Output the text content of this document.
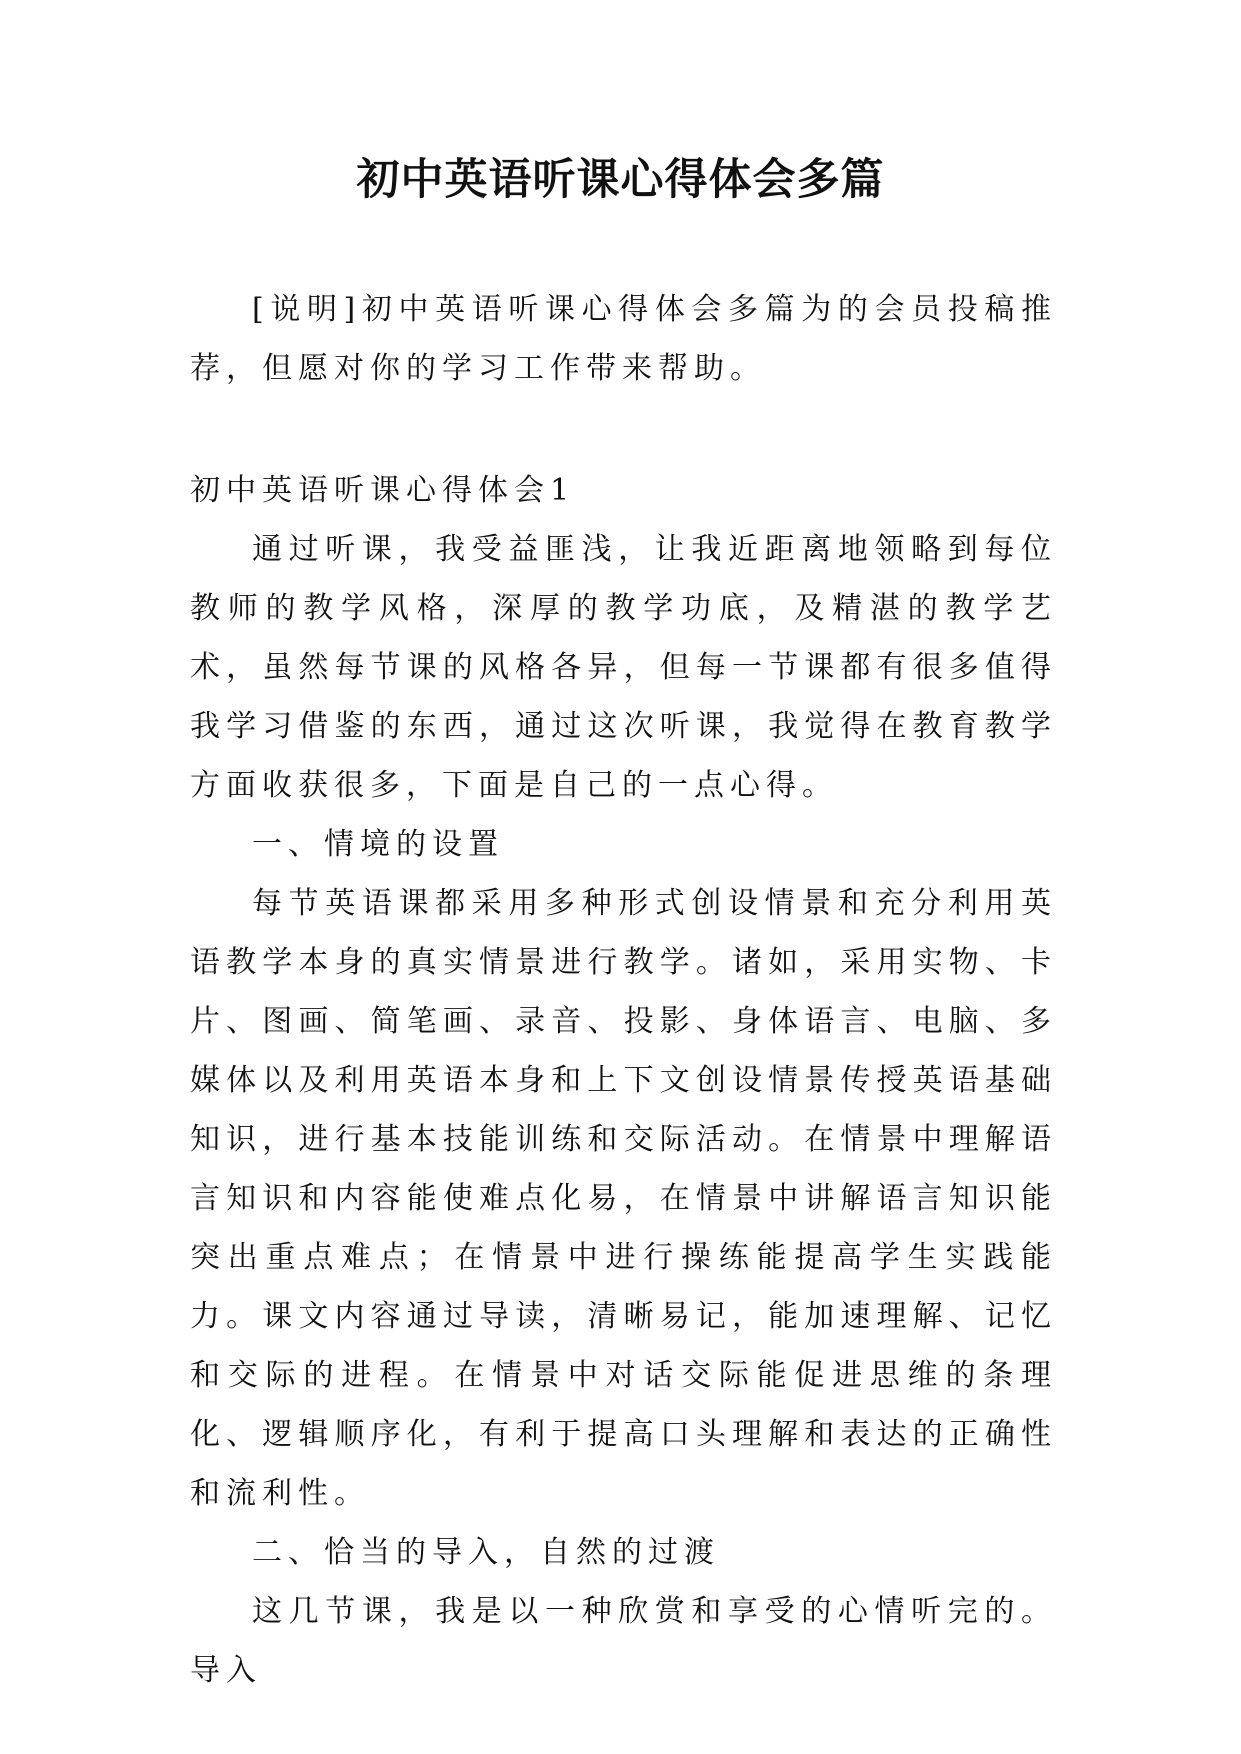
初中英语听课心得体会多篇

[说明]初中英语听课心得体会多篇为的会员投稿推荐，但愿对你的学习工作带来帮助。

初中英语听课心得体会1

通过听课，我受益匪浅，让我近距离地领略到每位教师的教学风格，深厚的教学功底，及精湛的教学艺术，虽然每节课的风格各异，但每一节课都有很多值得我学习借鉴的东西，通过这次听课，我觉得在教育教学方面收获很多，下面是自己的一点心得。

一、情境的设置

每节英语课都采用多种形式创设情景和充分利用英语教学本身的真实情景进行教学。诸如，采用实物、卡片、图画、简笔画、录音、投影、身体语言、电脑、多媒体以及利用英语本身和上下文创设情景传授英语基础知识，进行基本技能训练和交际活动。在情景中理解语言知识和内容能使难点化易，在情景中讲解语言知识能突出重点难点；在情景中进行操练能提高学生实践能力。课文内容通过导读，清晰易记，能加速理解、记忆和交际的进程。在情景中对话交际能促进思维的条理化、逻辑顺序化，有利于提高口头理解和表达的正确性和流利性。

二、恰当的导入，自然的过渡

这几节课，我是以一种欣赏和享受的心情听完的。导入
